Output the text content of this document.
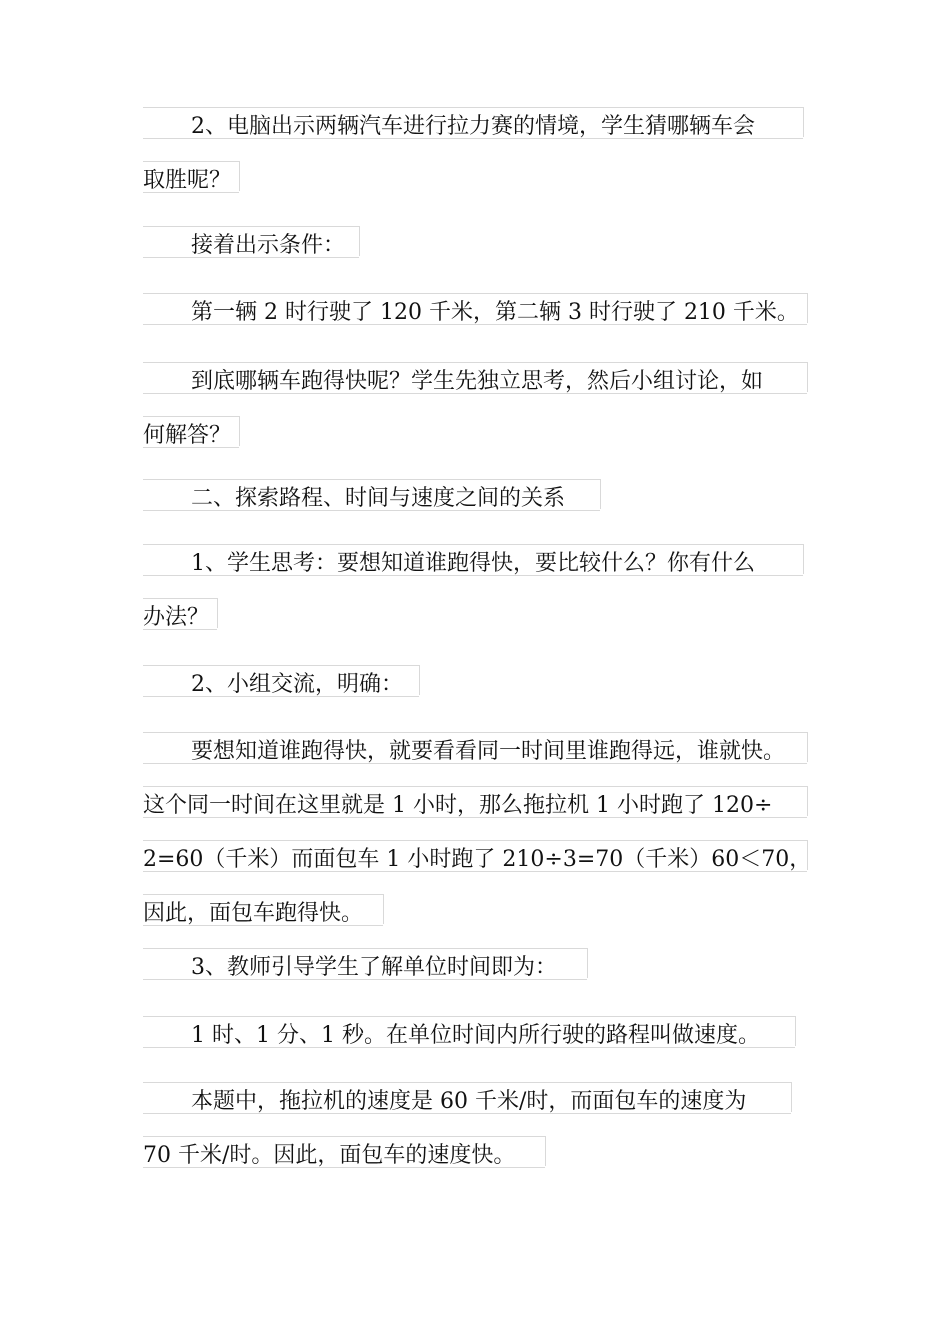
2、电脑出示两辆汽车进行拉力赛的情境，学生猜哪辆车会
取胜呢？
接着出示条件：
第一辆 2 时行驶了 120 千米，第二辆 3 时行驶了 210 千米。
到底哪辆车跑得快呢？学生先独立思考，然后小组讨论，如
何解答？
二、探索路程、时间与速度之间的关系
1、学生思考：要想知道谁跑得快，要比较什么？你有什么
办法？
2、小组交流，明确：
要想知道谁跑得快，就要看看同一时间里谁跑得远，谁就快。
这个同一时间在这里就是 1 小时，那么拖拉机 1 小时跑了 120÷
2=60（千米）而面包车 1 小时跑了 210÷3=70（千米）60＜70，
因此，面包车跑得快。
3、教师引导学生了解单位时间即为：
1 时、1 分、1 秒。在单位时间内所行驶的路程叫做速度。
本题中，拖拉机的速度是 60 千米/时，而面包车的速度为
70 千米/时。因此，面包车的速度快。
